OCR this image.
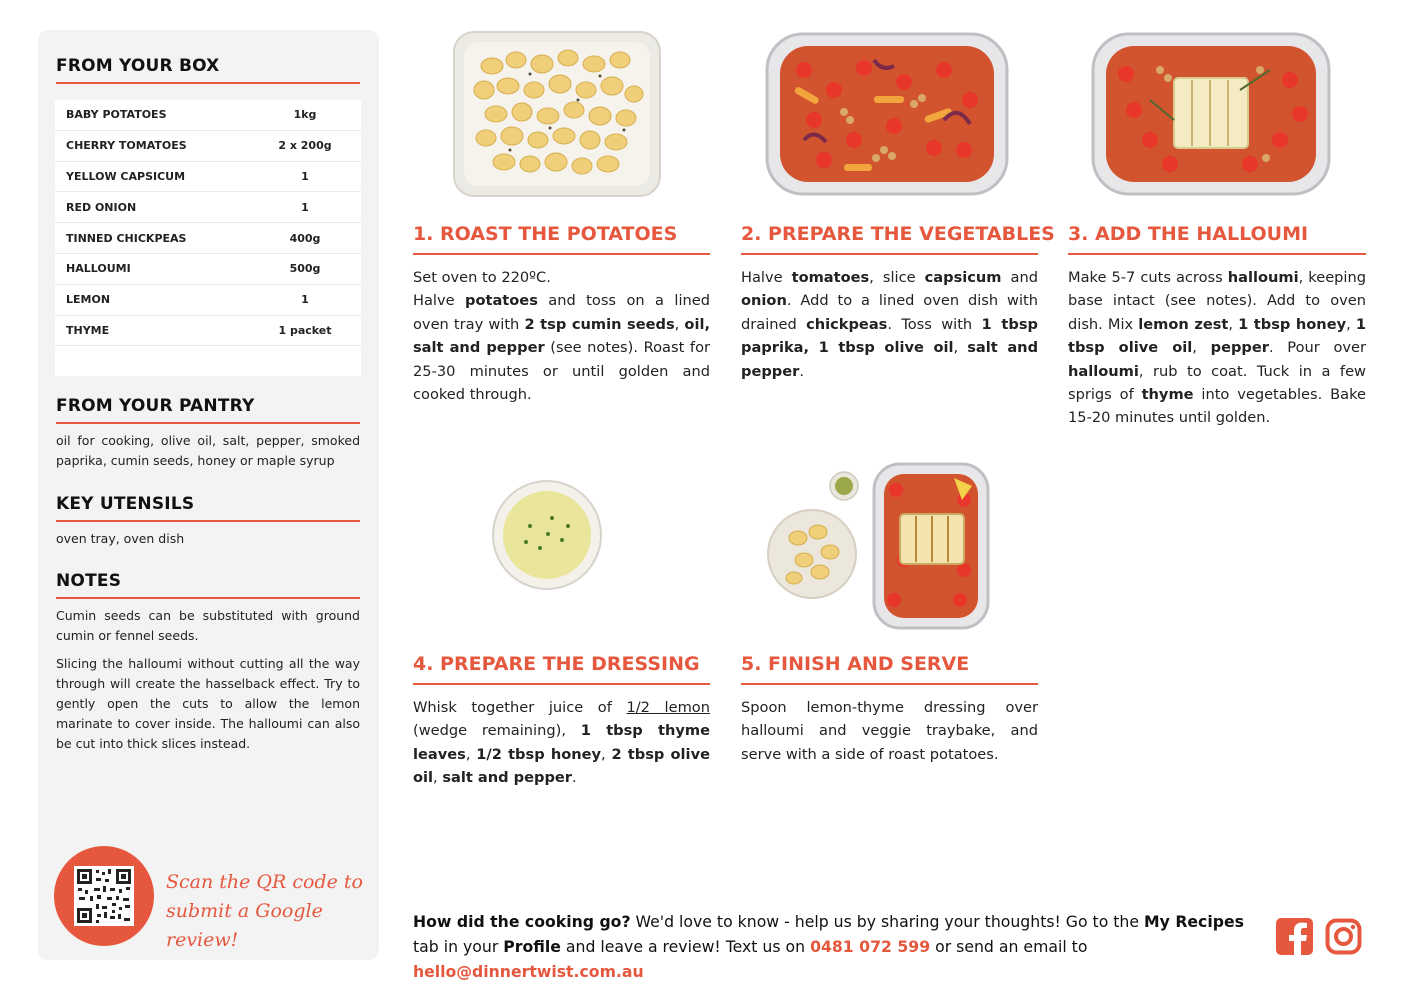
FROM YOUR BOX
BABY POTATOES	1kg
CHERRY TOMATOES	2 x 200g
YELLOW CAPSICUM	1
RED ONION	1
TINNED CHICKPEAS	400g
HALLOUMI	500g
LEMON	1
THYME	1 packet
FROM YOUR PANTRY
oil for cooking, olive oil, salt, pepper, smoked paprika, cumin seeds, honey or maple syrup
KEY UTENSILS
oven tray, oven dish
NOTES
Cumin seeds can be substituted with ground cumin or fennel seeds.
Slicing the halloumi without cutting all the way through will create the hasselback effect. Try to gently open the cuts to allow the lemon marinate to cover inside. The halloumi can also be cut into thick slices instead.
Scan the QR code to
submit a Google review!
1. ROAST THE POTATOES
Set oven to 220ºC.
Halve potatoes and toss on a lined oven tray with 2 tsp cumin seeds, oil, salt and pepper (see notes). Roast for 25-30 minutes or until golden and cooked through.
2. PREPARE THE VEGETABLES
Halve tomatoes, slice capsicum and onion. Add to a lined oven dish with drained chickpeas. Toss with 1 tbsp paprika, 1 tbsp olive oil, salt and pepper.
3. ADD THE HALLOUMI
Make 5-7 cuts across halloumi, keeping base intact (see notes). Add to oven dish. Mix lemon zest, 1 tbsp honey, 1 tbsp olive oil, pepper. Pour over halloumi, rub to coat. Tuck in a few sprigs of thyme into vegetables. Bake 15-20 minutes until golden.
4. PREPARE THE DRESSING
Whisk together juice of 1/2 lemon (wedge remaining), 1 tbsp thyme leaves, 1/2 tbsp honey, 2 tbsp olive oil, salt and pepper.
5. FINISH AND SERVE
Spoon lemon-thyme dressing over halloumi and veggie traybake, and serve with a side of roast potatoes.
How did the cooking go? We'd love to know - help us by sharing your thoughts! Go to the My Recipes tab in your Profile and leave a review! Text us on 0481 072 599 or send an email to hello@dinnertwist.com.au
